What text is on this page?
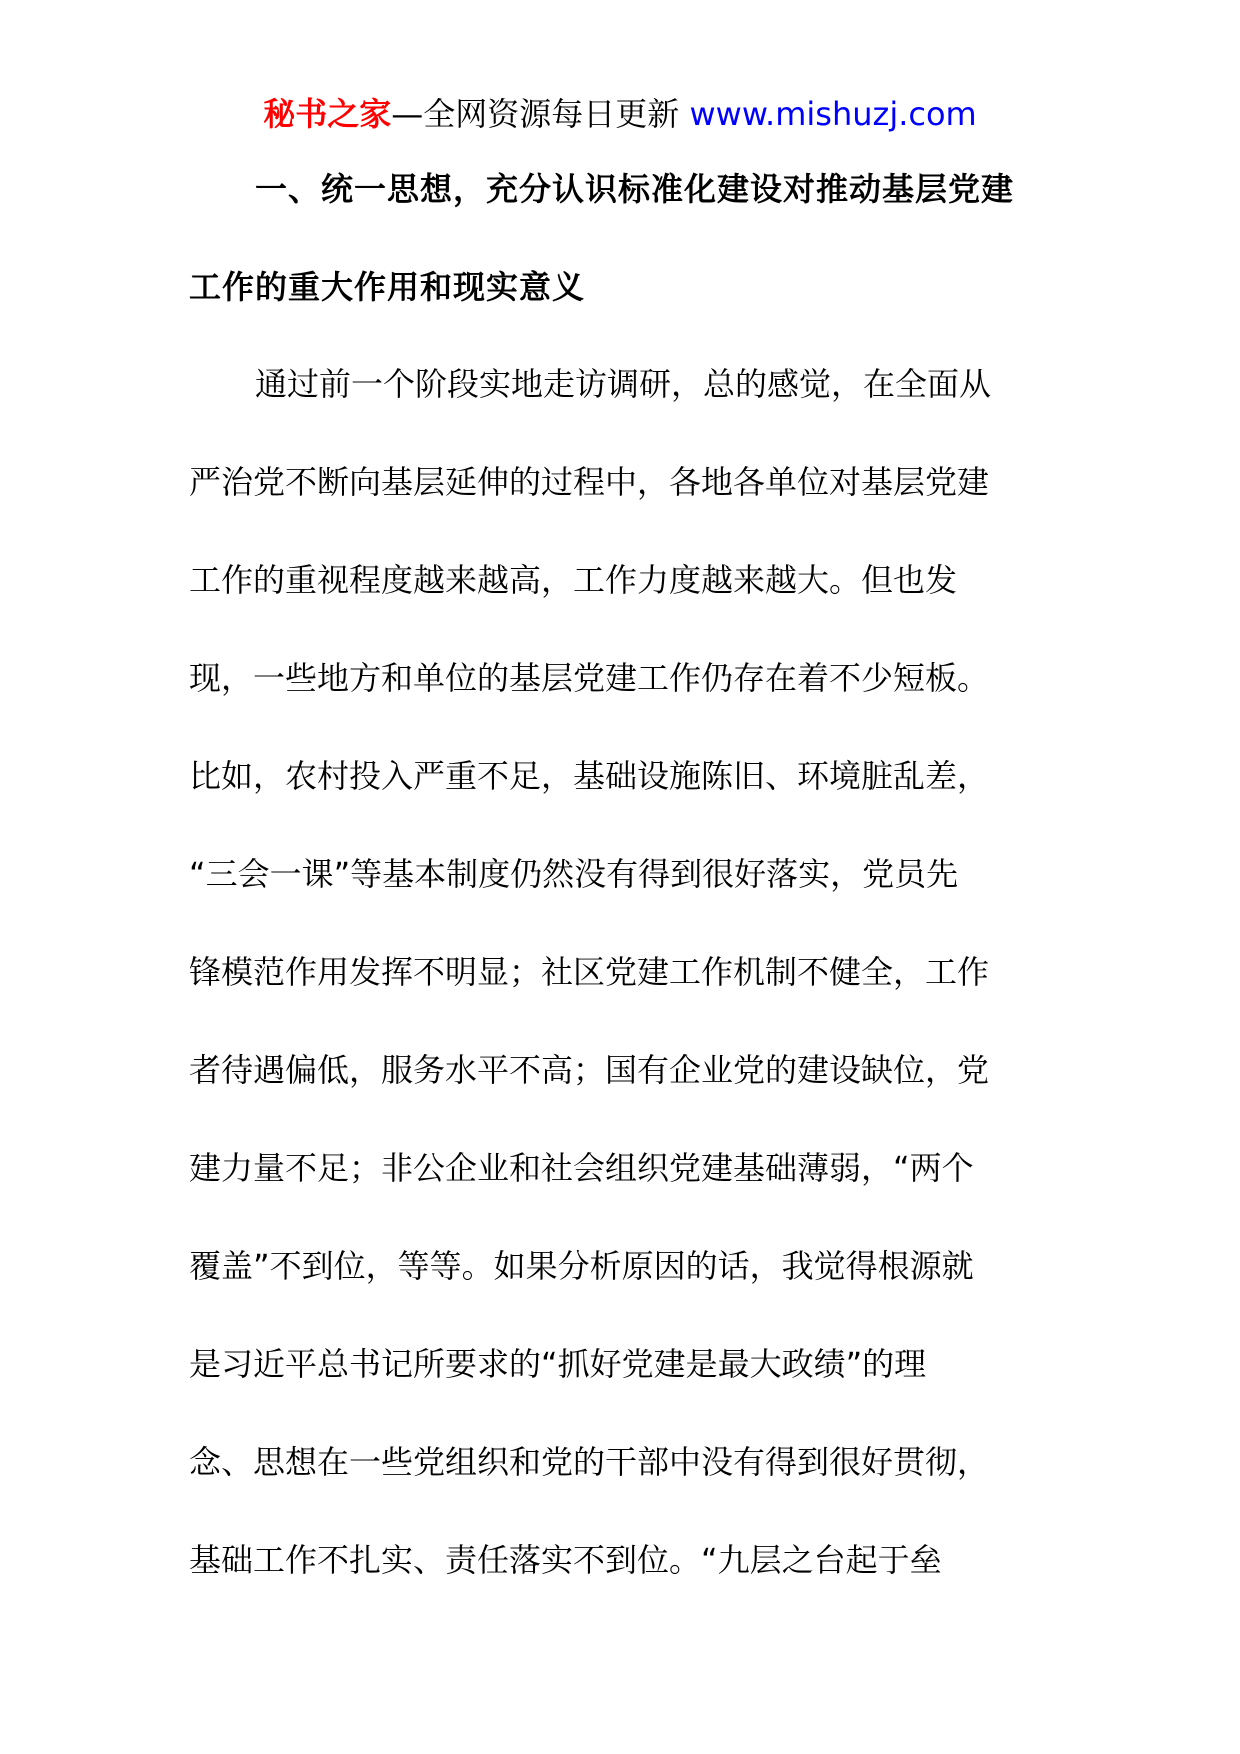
秘书之家—全网资源每日更新 www.mishuzj.com
一、统一思想，充分认识标准化建设对推动基层党建
工作的重大作用和现实意义
通过前一个阶段实地走访调研，总的感觉，在全面从
严治党不断向基层延伸的过程中，各地各单位对基层党建
工作的重视程度越来越高，工作力度越来越大。但也发
现，一些地方和单位的基层党建工作仍存在着不少短板。
比如，农村投入严重不足，基础设施陈旧、环境脏乱差，
“三会一课”等基本制度仍然没有得到很好落实，党员先
锋模范作用发挥不明显；社区党建工作机制不健全，工作
者待遇偏低，服务水平不高；国有企业党的建设缺位，党
建力量不足；非公企业和社会组织党建基础薄弱，“两个
覆盖”不到位，等等。如果分析原因的话，我觉得根源就
是习近平总书记所要求的“抓好党建是最大政绩”的理
念、思想在一些党组织和党的干部中没有得到很好贯彻，
基础工作不扎实、责任落实不到位。“九层之台起于垒
